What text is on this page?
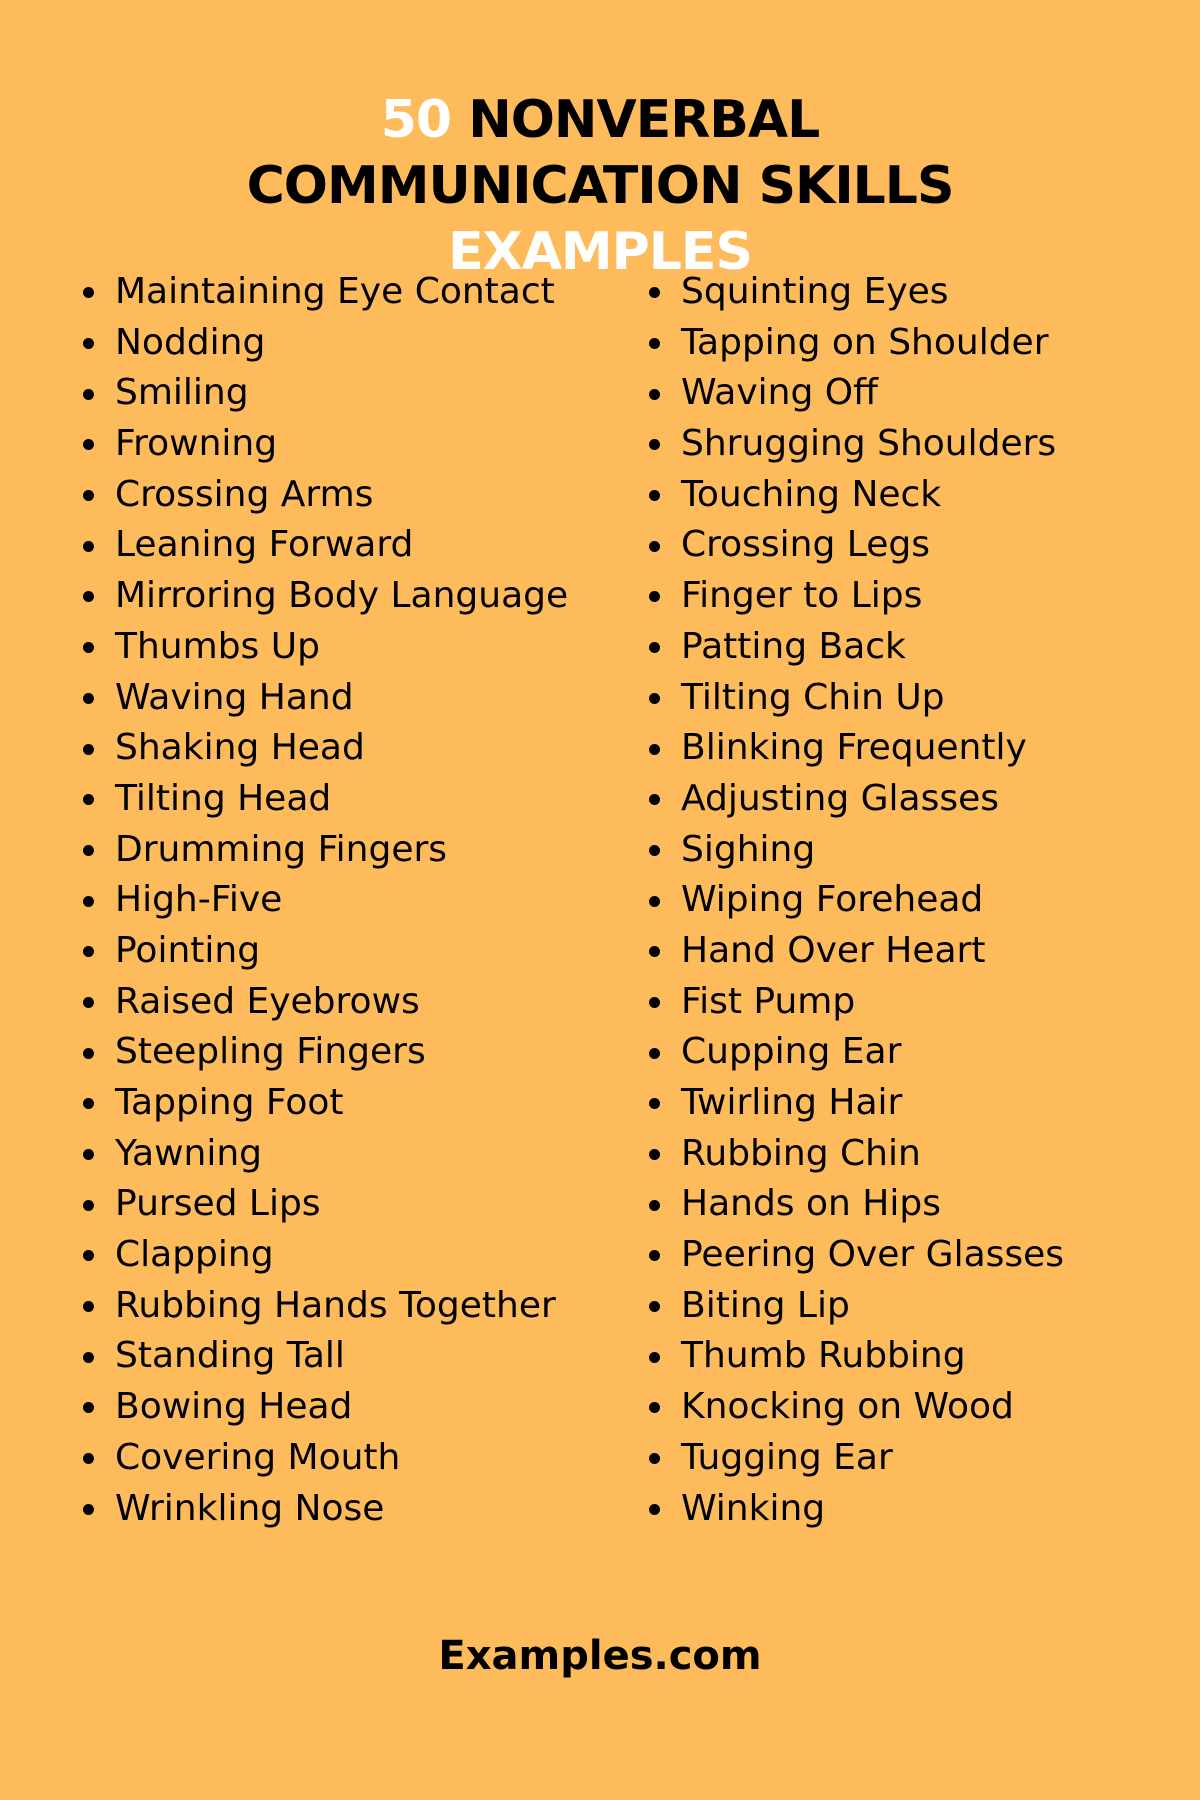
50 NONVERBAL
COMMUNICATION SKILLS
EXAMPLES
Maintaining Eye Contact
Nodding
Smiling
Frowning
Crossing Arms
Leaning Forward
Mirroring Body Language
Thumbs Up
Waving Hand
Shaking Head
Tilting Head
Drumming Fingers
High-Five
Pointing
Raised Eyebrows
Steepling Fingers
Tapping Foot
Yawning
Pursed Lips
Clapping
Rubbing Hands Together
Standing Tall
Bowing Head
Covering Mouth
Wrinkling Nose
Squinting Eyes
Tapping on Shoulder
Waving Off
Shrugging Shoulders
Touching Neck
Crossing Legs
Finger to Lips
Patting Back
Tilting Chin Up
Blinking Frequently
Adjusting Glasses
Sighing
Wiping Forehead
Hand Over Heart
Fist Pump
Cupping Ear
Twirling Hair
Rubbing Chin
Hands on Hips
Peering Over Glasses
Biting Lip
Thumb Rubbing
Knocking on Wood
Tugging Ear
Winking
Examples.com
